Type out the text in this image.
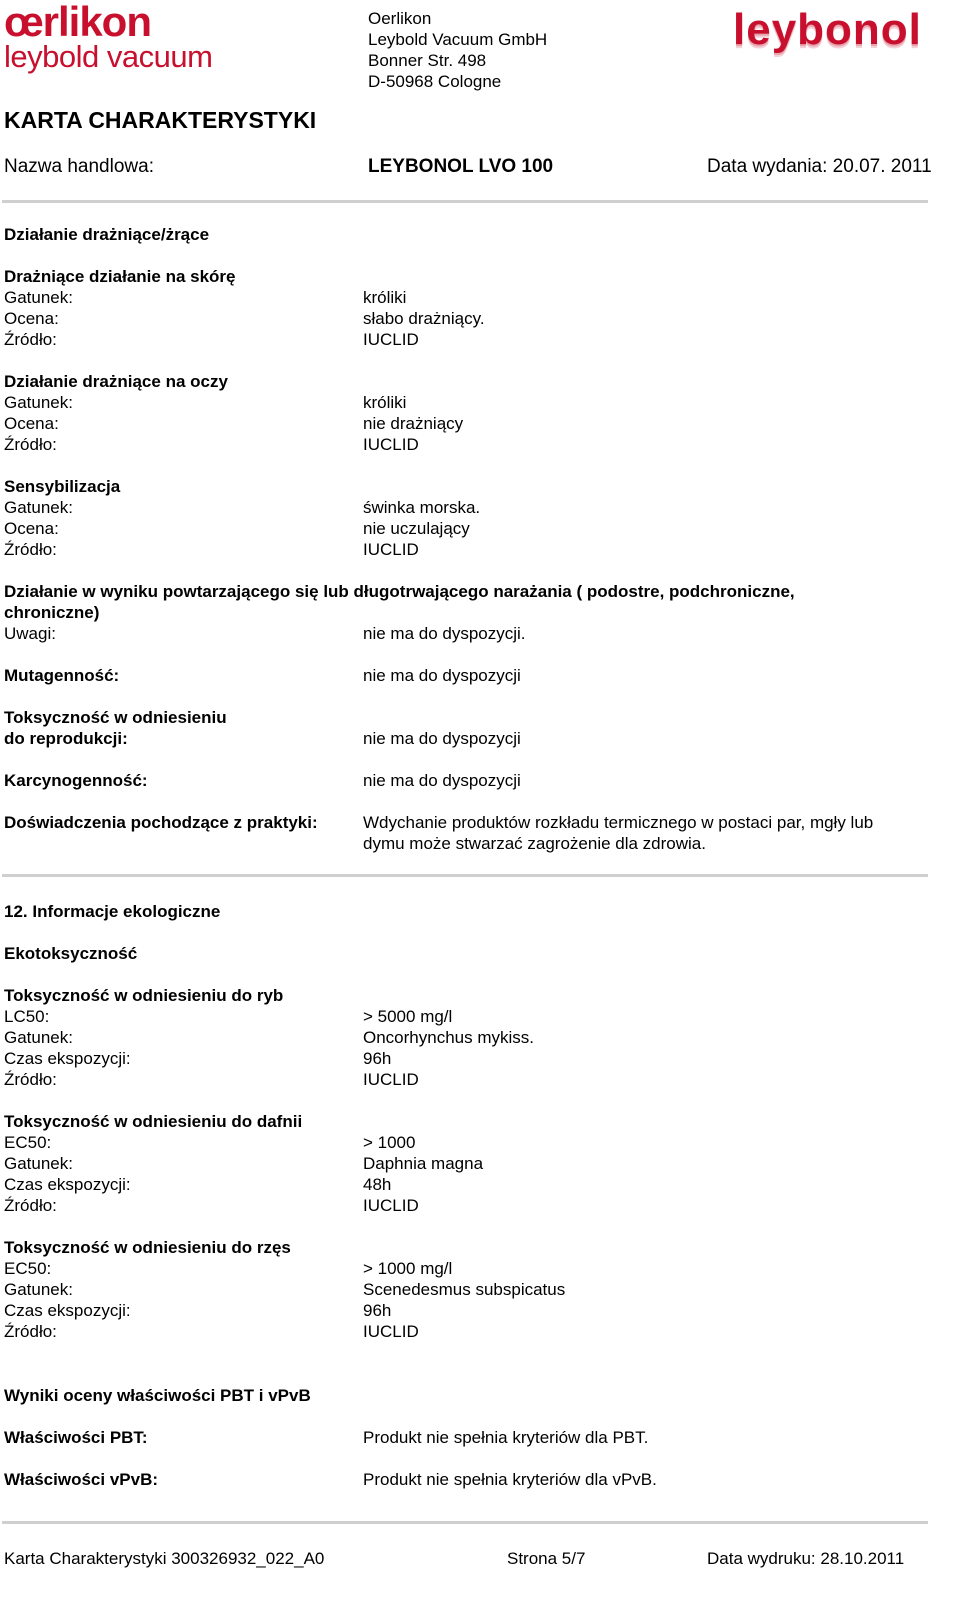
œrlikon
leybold vacuum
Oerlikon
Leybold Vacuum GmbH
Bonner Str. 498
D-50968 Cologne
leybonol
KARTA CHARAKTERYSTYKI
Nazwa handlowa:	LEYBONOL LVO 100	Data wydania: 20.07. 2011
Działanie drażniące/żrące
Drażniące działanie na skórę
Gatunek:	króliki
Ocena:	słabo drażniący.
Źródło:	IUCLID
Działanie drażniące na oczy
Gatunek:	króliki
Ocena:	nie drażniący
Źródło:	IUCLID
Sensybilizacja
Gatunek:	świnka morska.
Ocena:	nie uczulający
Źródło:	IUCLID
Działanie w wyniku powtarzającego się lub długotrwającego narażania ( podostre, podchroniczne,
chroniczne)
Uwagi:	nie ma do dyspozycji.
Mutagenność:	nie ma do dyspozycji
Toksyczność w odniesieniu
do reprodukcji:	nie ma do dyspozycji
Karcynogenność:	nie ma do dyspozycji
Doświadczenia pochodzące z praktyki:	Wdychanie produktów rozkładu termicznego w postaci par, mgły lub
dymu może stwarzać zagrożenie dla zdrowia.
12. Informacje ekologiczne
Ekotoksyczność
Toksyczność w odniesieniu do ryb
LC50:	> 5000 mg/l
Gatunek:	Oncorhynchus mykiss.
Czas ekspozycji:	96h
Źródło:	IUCLID
Toksyczność w odniesieniu do dafnii
EC50:	> 1000
Gatunek:	Daphnia magna
Czas ekspozycji:	48h
Źródło:	IUCLID
Toksyczność w odniesieniu do rzęs
EC50:	> 1000 mg/l
Gatunek:	Scenedesmus subspicatus
Czas ekspozycji:	96h
Źródło:	IUCLID
Wyniki oceny właściwości PBT i vPvB
Właściwości PBT:	Produkt nie spełnia kryteriów dla PBT.
Właściwości vPvB:	Produkt nie spełnia kryteriów dla vPvB.
Karta Charakterystyki 300326932_022_A0	Strona 5/7	Data wydruku: 28.10.2011
